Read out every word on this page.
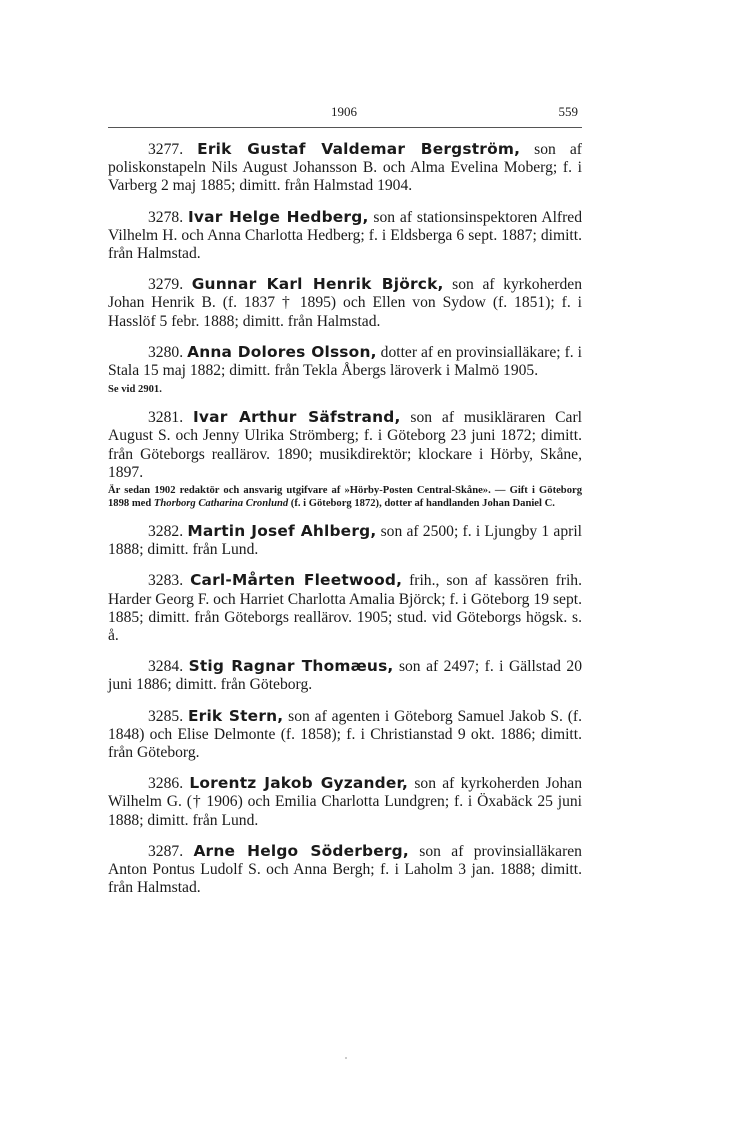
1906	559

3277. Erik Gustaf Valdemar Bergström, son af poliskonstapeln Nils August Johansson B. och Alma Evelina Moberg; f. i Varberg 2 maj 1885; dimitt. från Halmstad 1904.

3278. Ivar Helge Hedberg, son af stationsinspektoren Alfred Vilhelm H. och Anna Charlotta Hedberg; f. i Eldsberga 6 sept. 1887; dimitt. från Halmstad.

3279. Gunnar Karl Henrik Björck, son af kyrkoherden Johan Henrik B. (f. 1837 † 1895) och Ellen von Sydow (f. 1851); f. i Hasslöf 5 febr. 1888; dimitt. från Halmstad.

3280. Anna Dolores Olsson, dotter af en provinsialläkare; f. i Stala 15 maj 1882; dimitt. från Tekla Åbergs läroverk i Malmö 1905.
Se vid 2901.

3281. Ivar Arthur Säfstrand, son af musikläraren Carl August S. och Jenny Ulrika Strömberg; f. i Göteborg 23 juni 1872; dimitt. från Göteborgs reallärov. 1890; musikdirektör; klockare i Hörby, Skåne, 1897.
Är sedan 1902 redaktör och ansvarig utgifvare af »Hörby-Posten Central-Skåne». — Gift i Göteborg 1898 med Thorborg Catharina Cronlund (f. i Göteborg 1872), dotter af handlanden Johan Daniel C.

3282. Martin Josef Ahlberg, son af 2500; f. i Ljungby 1 april 1888; dimitt. från Lund.

3283. Carl-Mårten Fleetwood, frih., son af kassören frih. Harder Georg F. och Harriet Charlotta Amalia Björck; f. i Göteborg 19 sept. 1885; dimitt. från Göteborgs reallärov. 1905; stud. vid Göteborgs högsk. s. å.

3284. Stig Ragnar Thomæus, son af 2497; f. i Gällstad 20 juni 1886; dimitt. från Göteborg.

3285. Erik Stern, son af agenten i Göteborg Samuel Jakob S. (f. 1848) och Elise Delmonte (f. 1858); f. i Christianstad 9 okt. 1886; dimitt. från Göteborg.

3286. Lorentz Jakob Gyzander, son af kyrkoherden Johan Wilhelm G. († 1906) och Emilia Charlotta Lundgren; f. i Öxabäck 25 juni 1888; dimitt. från Lund.

3287. Arne Helgo Söderberg, son af provinsialläkaren Anton Pontus Ludolf S. och Anna Bergh; f. i Laholm 3 jan. 1888; dimitt. från Halmstad.
